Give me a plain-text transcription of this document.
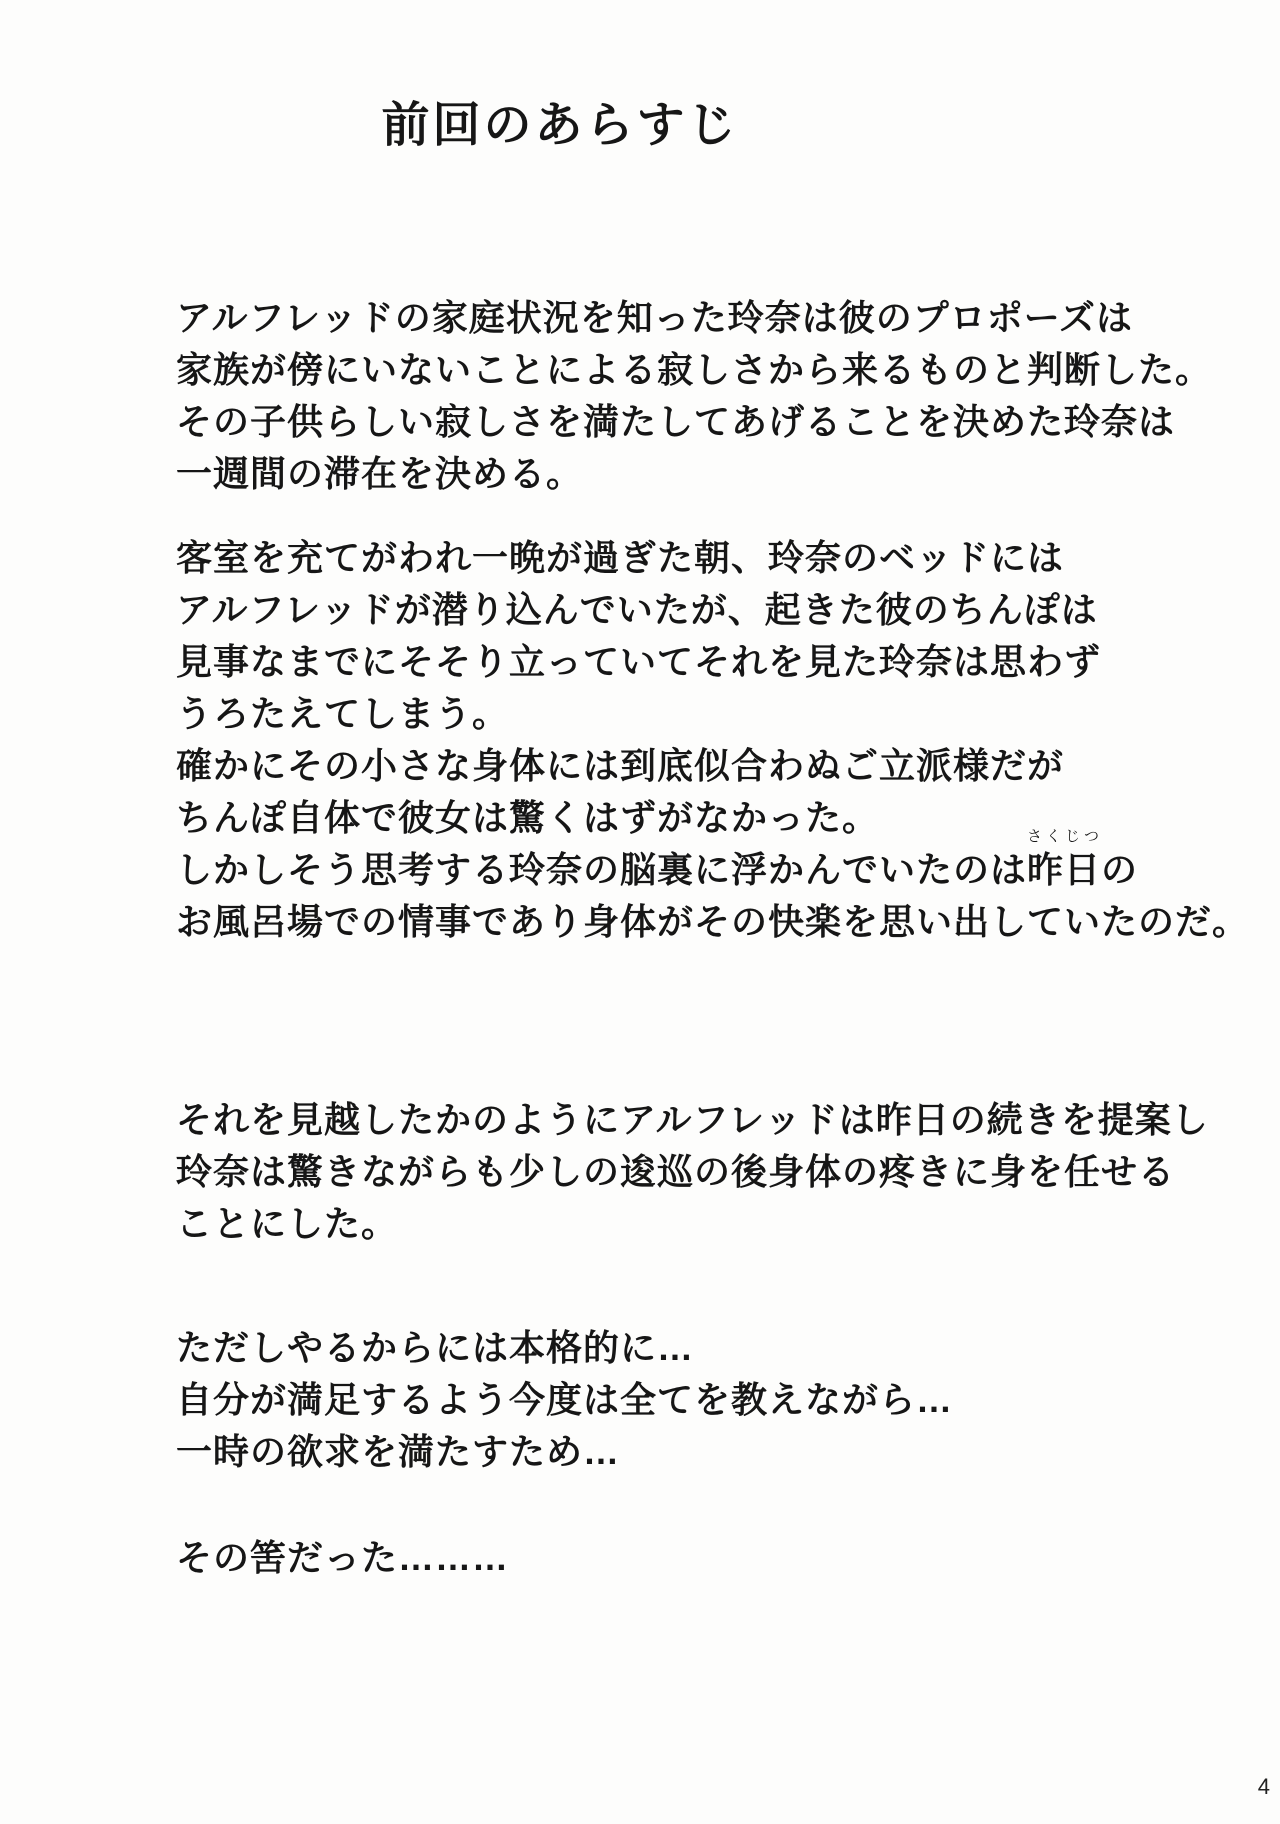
前回のあらすじ
アルフレッドの家庭状況を知った玲奈は彼のプロポーズは
家族が傍にいないことによる寂しさから来るものと判断した。
その子供らしい寂しさを満たしてあげることを決めた玲奈は
一週間の滞在を決める。
客室を充てがわれ一晩が過ぎた朝、玲奈のベッドには
アルフレッドが潜り込んでいたが、起きた彼のちんぽは
見事なまでにそそり立っていてそれを見た玲奈は思わず
うろたえてしまう。
確かにその小さな身体には到底似合わぬご立派様だが
ちんぽ自体で彼女は驚くはずがなかった。
しかしそう思考する玲奈の脳裏に浮かんでいたのは
さくじつ
昨日の
お風呂場での情事であり身体がその快楽を思い出していたのだ。
それを見越したかのようにアルフレッドは昨日の続きを提案し
玲奈は驚きながらも少しの逡巡の後身体の疼きに身を任せる
ことにした。
ただしやるからには本格的に…
自分が満足するよう今度は全てを教えながら…
一時の欲求を満たすため…
その筈だった………
4
